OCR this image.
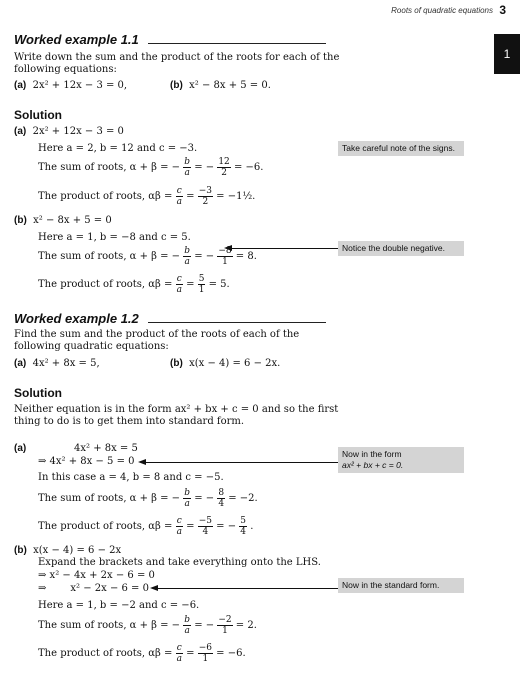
Roots of quadratic equations 3
1
Worked example 1.1
Write down the sum and the product of the roots for each of the
following equations:
(a) 2x² + 12x − 3 = 0,	(b) x² − 8x + 5 = 0.
Solution
(a) 2x² + 12x − 3 = 0
Here a = 2, b = 12 and c = −3.
The sum of roots, α + β = − $\frac{b}{a}$ = − $\frac{12}{2} = -6$.
The product of roots, $\alpha\beta = \frac{c}{a} = \frac{-3}{2}$ = −1½.
Take careful note of the signs.
(b) x² − 8x + 5 = 0
Here a = 1, b = −8 and c = 5.
The sum of roots, α + β = − $\frac{b}{a}$ = − $\frac{-8}{1} = 8$.
Notice the double negative.
The product of roots, $\alpha\beta = \frac{c}{a} = \frac{5}{1} = 5$.
Worked example 1.2
Find the sum and the product of the roots of each of the
following quadratic equations:
(a) 4x² + 8x = 5,	(b) x(x − 4) = 6 − 2x.
Solution
Neither equation is in the form ax² + bx + c = 0 and so the first
thing to do is to get them into standard form.
(a)	4x² + 8x = 5
⇒ 4x² + 8x − 5 = 0
Now in the form
ax² + bx + c = 0.
In this case a = 4, b = 8 and c = −5.
The sum of roots, α + β = − $\frac{b}{a}$ = − $\frac{8}{4} = -2$.
The product of roots, $\alpha\beta = \frac{c}{a} = \frac{-5}{4}$ = − $\frac{5}{4}$ .
(b) x(x − 4) = 6 − 2x
Expand the brackets and take everything onto the LHS.
⇒ x² − 4x + 2x − 6 = 0
⇒ x² − 2x − 6 = 0	Now in the standard form.
Here a = 1, b = −2 and c = −6.
The sum of roots, α + β = − $\frac{b}{a}$ = − $\frac{-2}{1} = 2$.
The product of roots, $\alpha\beta = \frac{c}{a} = \frac{-6}{1} = -6$.
